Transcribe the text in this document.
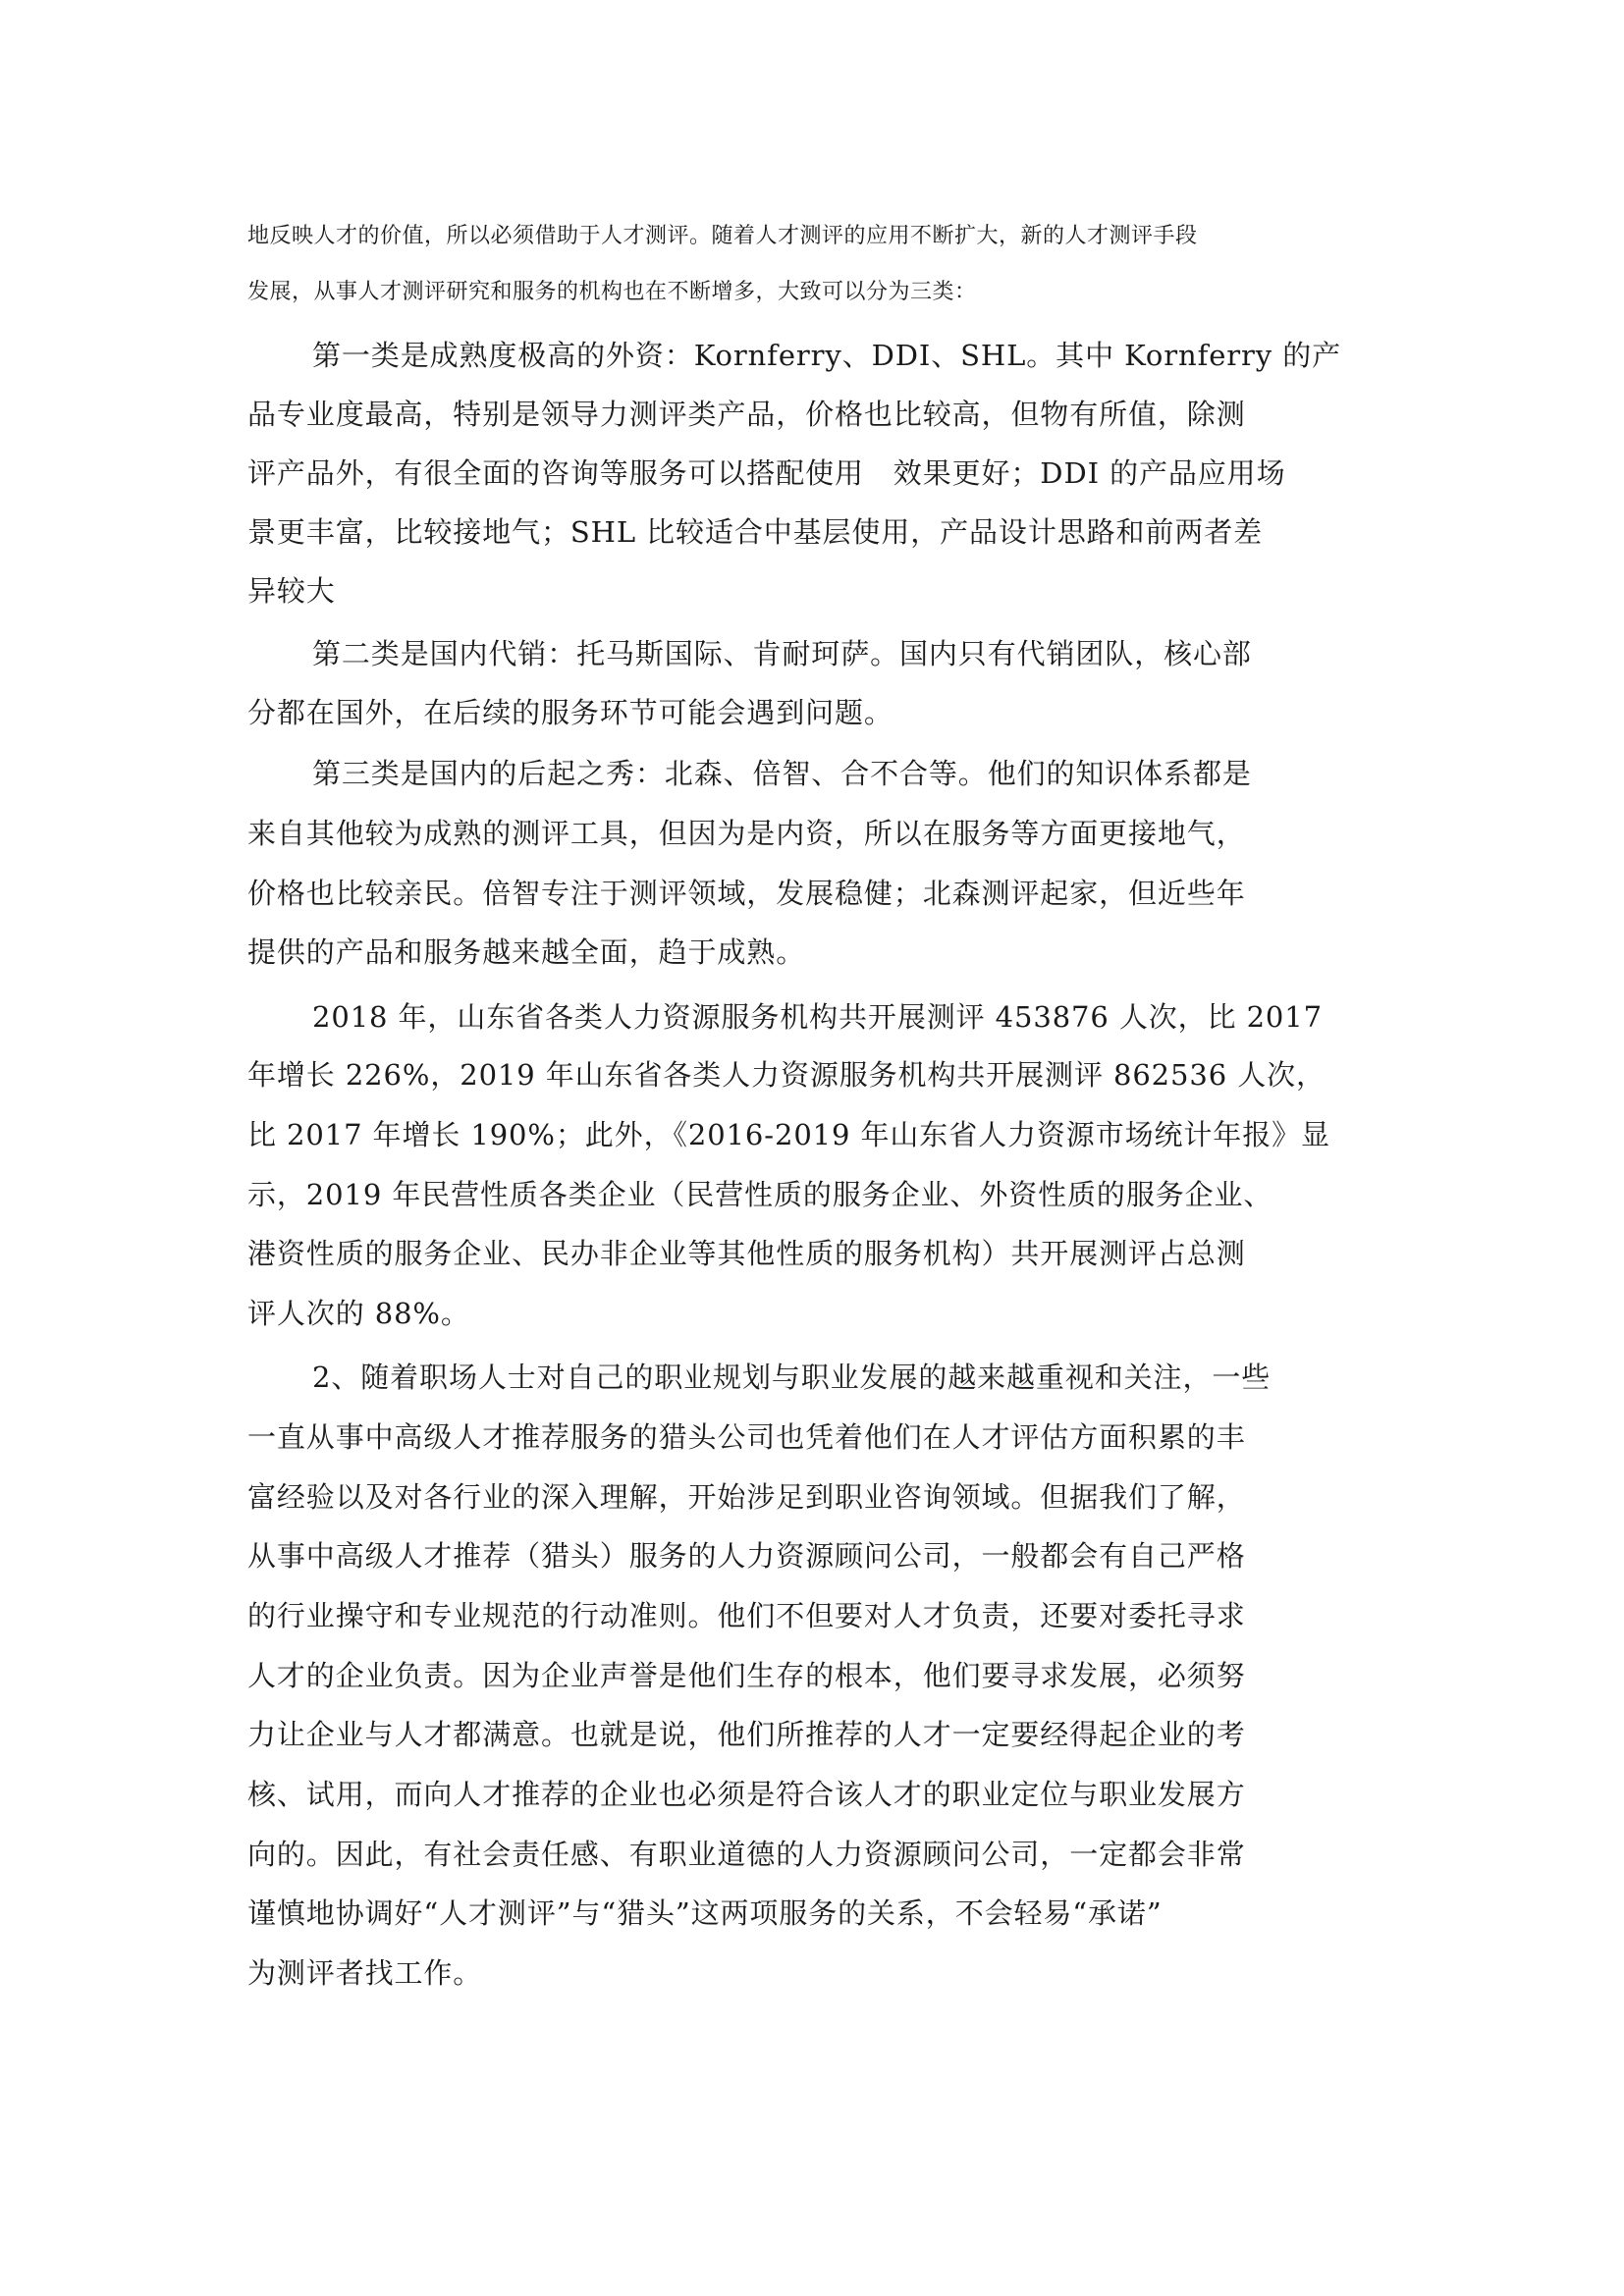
地反映人才的价值，所以必须借助于人才测评。随着人才测评的应用不断扩大，新的人才测评手段

发展，从事人才测评研究和服务的机构也在不断增多，大致可以分为三类：

第一类是成熟度极高的外资：Kornferry、DDI、SHL。其中 Kornferry 的产

品专业度最高，特别是领导力测评类产品，价格也比较高，但物有所值，除测

评产品外，有很全面的咨询等服务可以搭配使用　效果更好；DDI 的产品应用场

景更丰富，比较接地气；SHL 比较适合中基层使用，产品设计思路和前两者差

异较大

第二类是国内代销：托马斯国际、肯耐珂萨。国内只有代销团队，核心部

分都在国外，在后续的服务环节可能会遇到问题。

第三类是国内的后起之秀：北森、倍智、合不合等。他们的知识体系都是

来自其他较为成熟的测评工具，但因为是内资，所以在服务等方面更接地气，

价格也比较亲民。倍智专注于测评领域，发展稳健；北森测评起家，但近些年

提供的产品和服务越来越全面，趋于成熟。

2018 年，山东省各类人力资源服务机构共开展测评 453876 人次，比 2017

年增长 226%，2019 年山东省各类人力资源服务机构共开展测评 862536 人次，

比 2017 年增长 190%；此外，《2016-2019 年山东省人力资源市场统计年报》显

示，2019 年民营性质各类企业（民营性质的服务企业、外资性质的服务企业、

港资性质的服务企业、民办非企业等其他性质的服务机构）共开展测评占总测

评人次的 88%。

2、随着职场人士对自己的职业规划与职业发展的越来越重视和关注，一些

一直从事中高级人才推荐服务的猎头公司也凭着他们在人才评估方面积累的丰

富经验以及对各行业的深入理解，开始涉足到职业咨询领域。但据我们了解，

从事中高级人才推荐（猎头）服务的人力资源顾问公司，一般都会有自己严格

的行业操守和专业规范的行动准则。他们不但要对人才负责，还要对委托寻求

人才的企业负责。因为企业声誉是他们生存的根本，他们要寻求发展，必须努

力让企业与人才都满意。也就是说，他们所推荐的人才一定要经得起企业的考

核、试用，而向人才推荐的企业也必须是符合该人才的职业定位与职业发展方

向的。因此，有社会责任感、有职业道德的人力资源顾问公司，一定都会非常

谨慎地协调好“人才测评”与“猎头”这两项服务的关系，不会轻易“承诺”

为测评者找工作。
